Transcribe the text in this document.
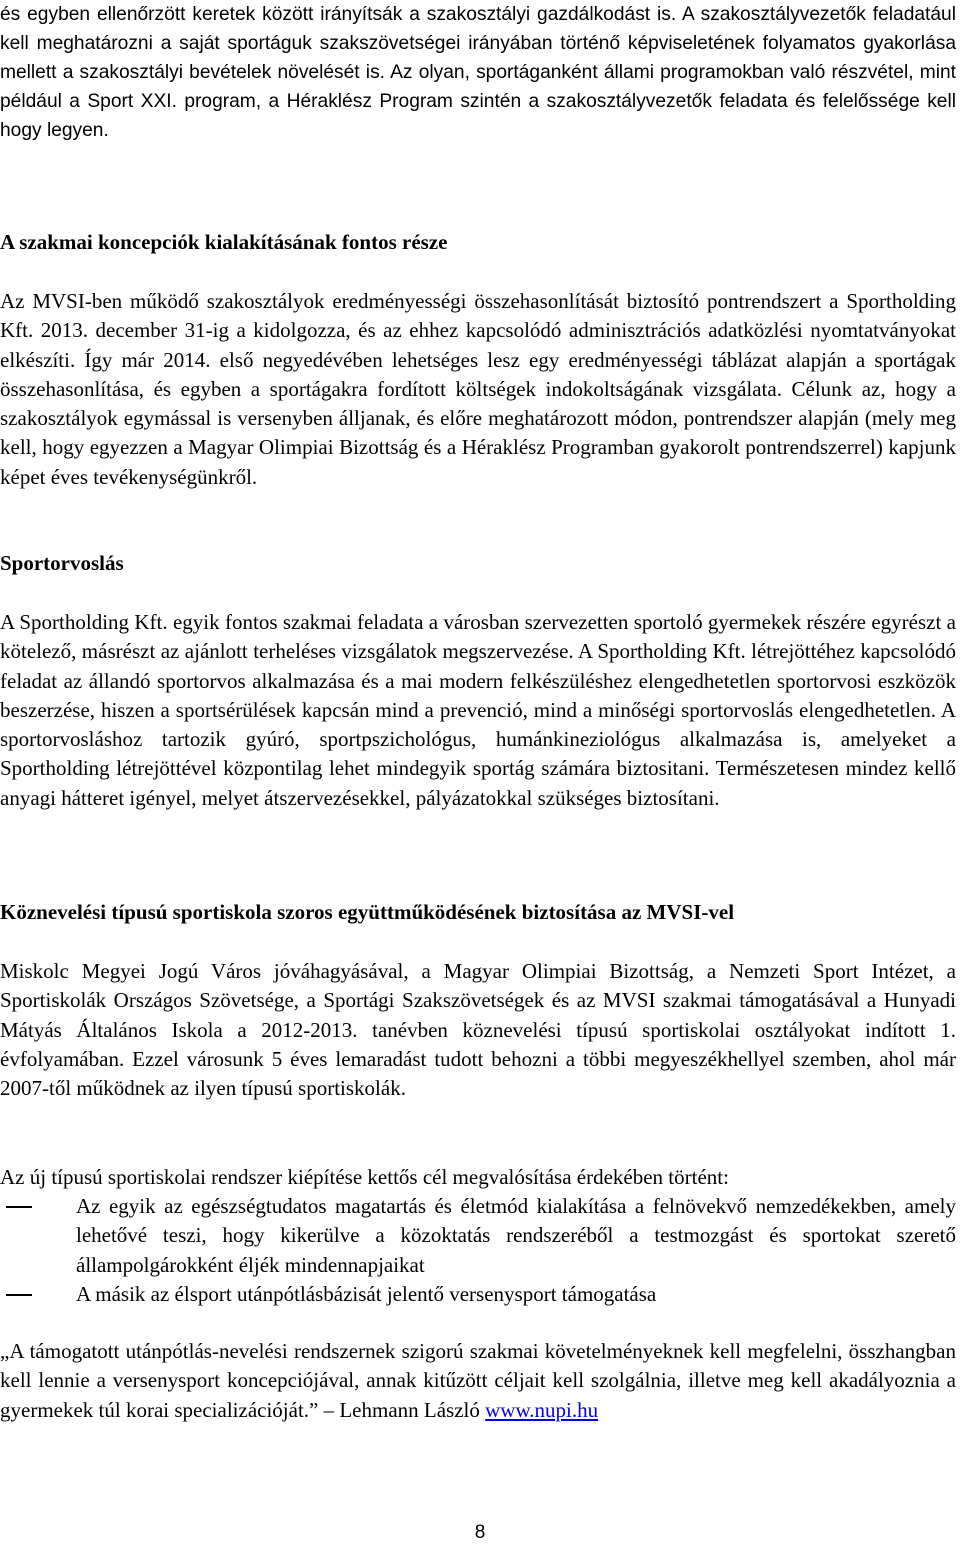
és egyben ellenőrzött keretek között irányítsák a szakosztályi gazdálkodást is. A szakosztályvezetők feladatául kell meghatározni a saját sportáguk szakszövetségei irányában történő képviseletének folyamatos gyakorlása mellett a szakosztályi bevételek növelését is. Az olyan, sportáganként állami programokban való részvétel, mint például a Sport XXI. program, a Héraklész Program szintén a szakosztályvezetők feladata és felelőssége kell hogy legyen.

A szakmai koncepciók kialakításának fontos része

Az MVSI-ben működő szakosztályok eredményességi összehasonlítását biztosító pontrendszert a Sportholding Kft. 2013. december 31-ig a kidolgozza, és az ehhez kapcsolódó adminisztrációs adatközlési nyomtatványokat elkészíti. Így már 2014. első negyedévében lehetséges lesz egy eredményességi táblázat alapján a sportágak összehasonlítása, és egyben a sportágakra fordított költségek indokoltságának vizsgálata. Célunk az, hogy a szakosztályok egymással is versenyben álljanak, és előre meghatározott módon, pontrendszer alapján (mely meg kell, hogy egyezzen a Magyar Olimpiai Bizottság és a Héraklész Programban gyakorolt pontrendszerrel) kapjunk képet éves tevékenységünkről.

Sportorvoslás

A Sportholding Kft. egyik fontos szakmai feladata a városban szervezetten sportoló gyermekek részére egyrészt a kötelező, másrészt az ajánlott terheléses vizsgálatok megszervezése. A Sportholding Kft. létrejöttéhez kapcsolódó feladat az állandó sportorvos alkalmazása és a mai modern felkészüléshez elengedhetetlen sportorvosi eszközök beszerzése, hiszen a sportsérülések kapcsán mind a prevenció, mind a minőségi sportorvoslás elengedhetetlen. A sportorvosláshoz tartozik gyúró, sportpszichológus, humánkineziológus alkalmazása is, amelyeket a Sportholding létrejöttével központilag lehet mindegyik sportág számára biztositani. Természetesen mindez kellő anyagi hátteret igényel, melyet átszervezésekkel, pályázatokkal szükséges biztosítani.

Köznevelési típusú sportiskola szoros együttműködésének biztosítása az MVSI-vel

Miskolc Megyei Jogú Város jóváhagyásával, a Magyar Olimpiai Bizottság, a Nemzeti Sport Intézet, a Sportiskolák Országos Szövetsége, a Sportági Szakszövetségek és az MVSI szakmai támogatásával a Hunyadi Mátyás Általános Iskola a 2012-2013. tanévben köznevelési típusú sportiskolai osztályokat indított 1. évfolyamában. Ezzel városunk 5 éves lemaradást tudott behozni a többi megyeszékhellyel szemben, ahol már 2007-től működnek az ilyen típusú sportiskolák.

Az új típusú sportiskolai rendszer kiépítése kettős cél megvalósítása érdekében történt:

Az egyik az egészségtudatos magatartás és életmód kialakítása a felnövekvő nemzedékekben, amely lehetővé teszi, hogy kikerülve a közoktatás rendszeréből a testmozgást és sportokat szerető állampolgárokként éljék mindennapjaikat
A másik az élsport utánpótlásbázisát jelentő versenysport támogatása

„A támogatott utánpótlás-nevelési rendszernek szigorú szakmai követelményeknek kell megfelelni, összhangban kell lennie a versenysport koncepciójával, annak kitűzött céljait kell szolgálnia, illetve meg kell akadályoznia a gyermekek túl korai specializációját.” – Lehmann László www.nupi.hu

8
